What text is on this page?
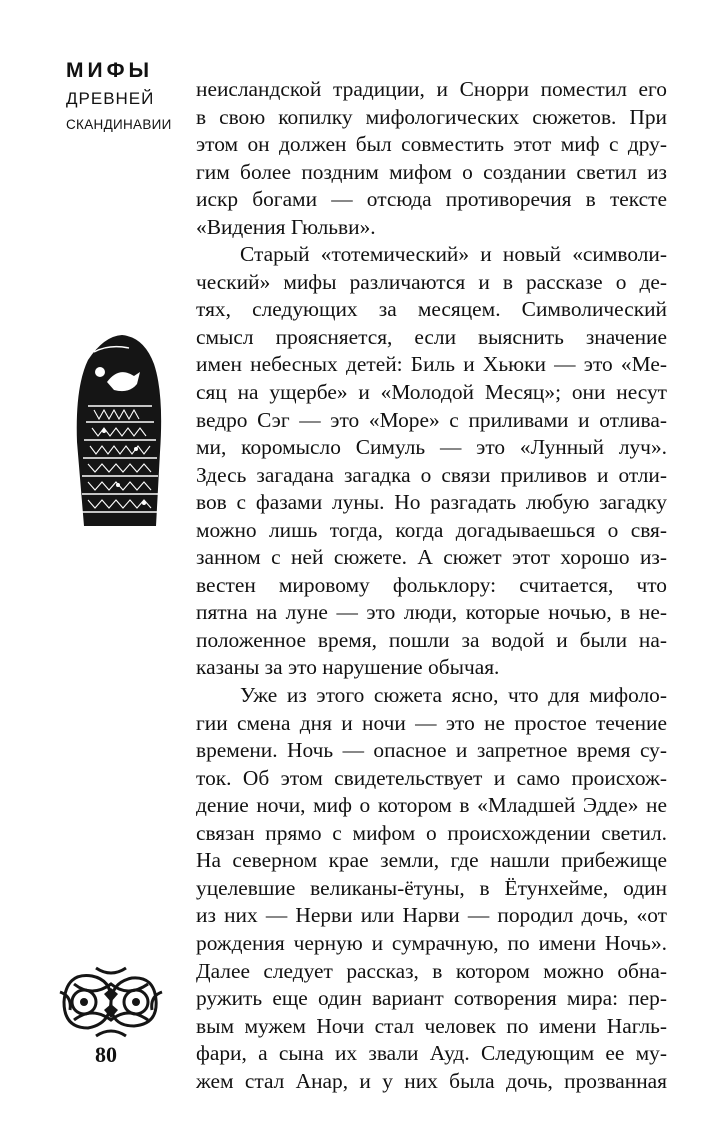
МИФЫ
ДРЕВНЕЙ
СКАНДИНАВИИ
80
неисландской традиции, и Снорри поместил его
в свою копилку мифологических сюжетов. При
этом он должен был совместить этот миф с дру-
гим более поздним мифом о создании светил из
искр богами — отсюда противоречия в тексте
«Видения Гюльви».
Старый «тотемический» и новый «символи-
ческий» мифы различаются и в рассказе о де-
тях, следующих за месяцем. Символический
смысл проясняется, если выяснить значение
имен небесных детей: Биль и Хьюки — это «Ме-
сяц на ущербе» и «Молодой Месяц»; они несут
ведро Сэг — это «Море» с приливами и отлива-
ми, коромысло Симуль — это «Лунный луч».
Здесь загадана загадка о связи приливов и отли-
вов с фазами луны. Но разгадать любую загадку
можно лишь тогда, когда догадываешься о свя-
занном с ней сюжете. А сюжет этот хорошо из-
вестен мировому фольклору: считается, что
пятна на луне — это люди, которые ночью, в не-
положенное время, пошли за водой и были на-
казаны за это нарушение обычая.
Уже из этого сюжета ясно, что для мифоло-
гии смена дня и ночи — это не простое течение
времени. Ночь — опасное и запретное время су-
ток. Об этом свидетельствует и само происхож-
дение ночи, миф о котором в «Младшей Эдде» не
связан прямо с мифом о происхождении светил.
На северном крае земли, где нашли прибежище
уцелевшие великаны-ётуны, в Ётунхейме, один
из них — Нерви или Нарви — породил дочь, «от
рождения черную и сумрачную, по имени Ночь».
Далее следует рассказ, в котором можно обна-
ружить еще один вариант сотворения мира: пер-
вым мужем Ночи стал человек по имени Нагль-
фари, а сына их звали Ауд. Следующим ее му-
жем стал Анар, и у них была дочь, прозванная
